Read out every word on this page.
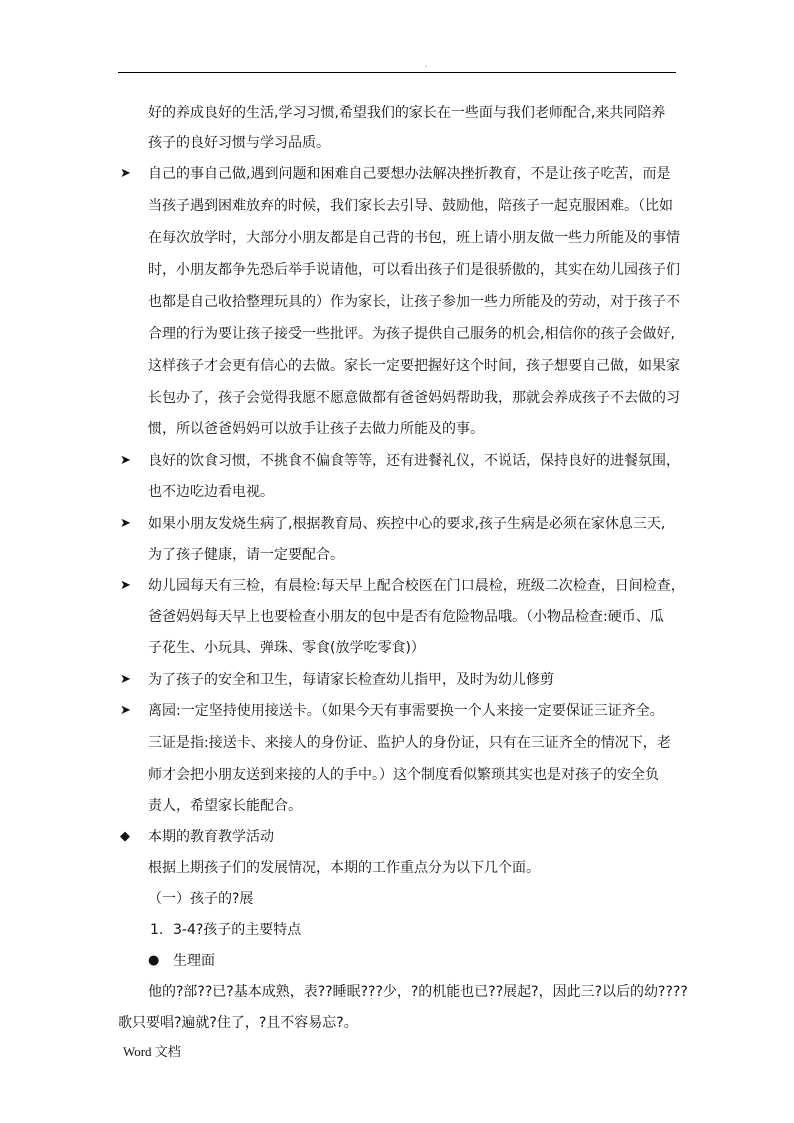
.
好的养成良好的生活,学习习惯,希望我们的家长在一些面与我们老师配合,来共同陪养
孩子的良好习惯与学习品质。
➤ 自己的事自己做,遇到问题和困难自己要想办法解决挫折教育，不是让孩子吃苦，而是
当孩子遇到困难放弃的时候，我们家长去引导、鼓励他，陪孩子一起克服困难。（比如
在每次放学时，大部分小朋友都是自己背的书包，班上请小朋友做一些力所能及的事情
时，小朋友都争先恐后举手说请他，可以看出孩子们是很骄傲的，其实在幼儿园孩子们
也都是自己收拾整理玩具的）作为家长，让孩子参加一些力所能及的劳动，对于孩子不
合理的行为要让孩子接受一些批评。为孩子提供自己服务的机会,相信你的孩子会做好,
这样孩子才会更有信心的去做。家长一定要把握好这个时间，孩子想要自己做，如果家
长包办了，孩子会觉得我愿不愿意做都有爸爸妈妈帮助我，那就会养成孩子不去做的习
惯，所以爸爸妈妈可以放手让孩子去做力所能及的事。
➤ 良好的饮食习惯，不挑食不偏食等等，还有进餐礼仪，不说话，保持良好的进餐氛围，
也不边吃边看电视。
➤ 如果小朋友发烧生病了,根据教育局、疾控中心的要求,孩子生病是必须在家休息三天,
为了孩子健康，请一定要配合。
➤ 幼儿园每天有三检，有晨检:每天早上配合校医在门口晨检，班级二次检查，日间检查，
爸爸妈妈每天早上也要检查小朋友的包中是否有危险物品哦。（小物品检查:硬币、瓜
子花生、小玩具、弹珠、零食(放学吃零食)）
➤ 为了孩子的安全和卫生，每请家长检查幼儿指甲，及时为幼儿修剪
➤ 离园:一定坚持使用接送卡。（如果今天有事需要换一个人来接一定要保证三证齐全。
三证是指:接送卡、来接人的身份证、监护人的身份证，只有在三证齐全的情况下，老
师才会把小朋友送到来接的人的手中。）这个制度看似繁琐其实也是对孩子的安全负
责人，希望家长能配合。
◆ 本期的教育教学活动
根据上期孩子们的发展情况，本期的工作重点分为以下几个面。
（一）孩子的?展
1. 3-4?孩子的主要特点
● 生理面
他的?部??已?基本成熟，表??睡眠???少，?的机能也已??展起?，因此三?以后的幼????
歌只要唱?遍就?住了，?且不容易忘?。
Word 文档
